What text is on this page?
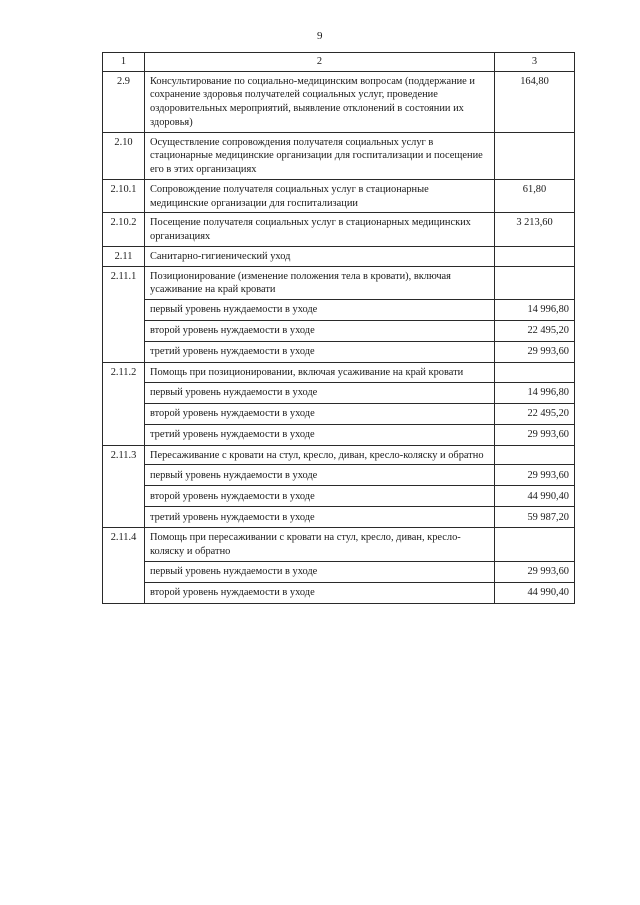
9
1	2	3
2.9	Консультирование по социально-медицинским вопросам (поддержание и сохранение здоровья получателей социальных услуг, проведение оздоровительных мероприятий, выявление отклонений в состоянии их здоровья)	164,80
2.10	Осуществление сопровождения получателя социальных услуг в стационарные медицинские организации для госпитализации и посещение его в этих организациях	
2.10.1	Сопровождение получателя социальных услуг в стационарные медицинские организации для госпитализации	61,80
2.10.2	Посещение получателя социальных услуг в стационарных медицинских организациях	3 213,60
2.11	Санитарно-гигиенический уход	
2.11.1	Позиционирование (изменение положения тела в кровати), включая усаживание на край кровати	
	первый уровень нуждаемости в уходе	14 996,80
	второй уровень нуждаемости в уходе	22 495,20
	третий уровень нуждаемости в уходе	29 993,60
2.11.2	Помощь при позиционировании, включая усаживание на край кровати	
	первый уровень нуждаемости в уходе	14 996,80
	второй уровень нуждаемости в уходе	22 495,20
	третий уровень нуждаемости в уходе	29 993,60
2.11.3	Пересаживание с кровати на стул, кресло, диван, кресло-коляску и обратно	
	первый уровень нуждаемости в уходе	29 993,60
	второй уровень нуждаемости в уходе	44 990,40
	третий уровень нуждаемости в уходе	59 987,20
2.11.4	Помощь при пересаживании с кровати на стул, кресло, диван, кресло-коляску и обратно	
	первый уровень нуждаемости в уходе	29 993,60
	второй уровень нуждаемости в уходе	44 990,40
